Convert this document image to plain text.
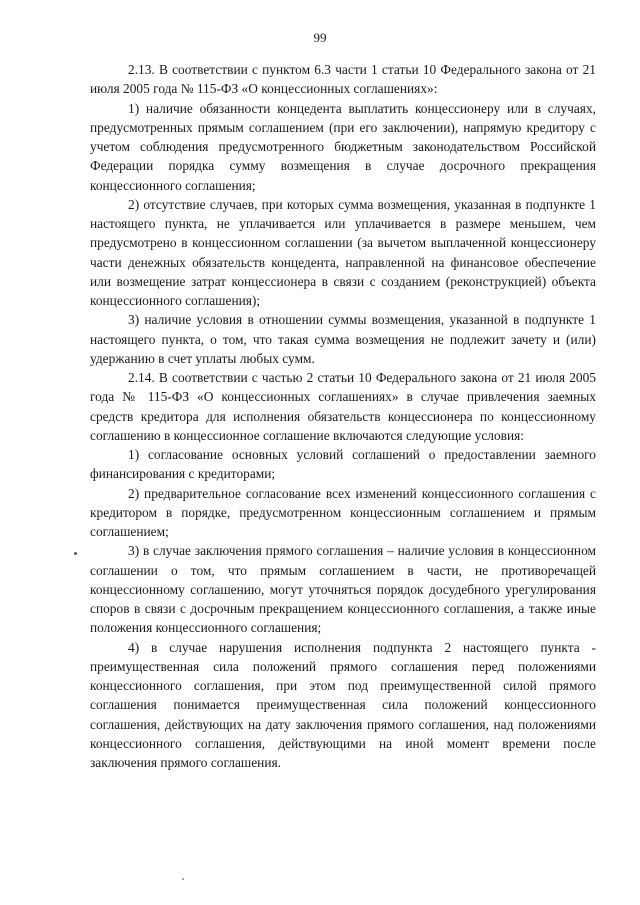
99

2.13. В соответствии с пунктом 6.3 части 1 статьи 10 Федерального закона от 21 июля 2005 года № 115-ФЗ «О концессионных соглашениях»:

1) наличие обязанности концедента выплатить концессионеру или в случаях, предусмотренных прямым соглашением (при его заключении), напрямую кредитору с учетом соблюдения предусмотренного бюджетным законодательством Российской Федерации порядка сумму возмещения в случае досрочного прекращения концессионного соглашения;

2) отсутствие случаев, при которых сумма возмещения, указанная в подпункте 1 настоящего пункта, не уплачивается или уплачивается в размере меньшем, чем предусмотрено в концессионном соглашении (за вычетом выплаченной концессионеру части денежных обязательств концедента, направленной на финансовое обеспечение или возмещение затрат концессионера в связи с созданием (реконструкцией) объекта концессионного соглашения);

3) наличие условия в отношении суммы возмещения, указанной в подпункте 1 настоящего пункта, о том, что такая сумма возмещения не подлежит зачету и (или) удержанию в счет уплаты любых сумм.

2.14. В соответствии с частью 2 статьи 10 Федерального закона от 21 июля 2005 года № 115-ФЗ «О концессионных соглашениях» в случае привлечения заемных средств кредитора для исполнения обязательств концессионера по концессионному соглашению в концессионное соглашение включаются следующие условия:

1) согласование основных условий соглашений о предоставлении заемного финансирования с кредиторами;

2) предварительное согласование всех изменений концессионного соглашения с кредитором в порядке, предусмотренном концессионным соглашением и прямым соглашением;

3) в случае заключения прямого соглашения – наличие условия в концессионном соглашении о том, что прямым соглашением в части, не противоречащей концессионному соглашению, могут уточняться порядок досудебного урегулирования споров в связи с досрочным прекращением концессионного соглашения, а также иные положения концессионного соглашения;

4) в случае нарушения исполнения подпункта 2 настоящего пункта - преимущественная сила положений прямого соглашения перед положениями концессионного соглашения, при этом под преимущественной силой прямого соглашения понимается преимущественная сила положений концессионного соглашения, действующих на дату заключения прямого соглашения, над положениями концессионного соглашения, действующими на иной момент времени после заключения прямого соглашения.
